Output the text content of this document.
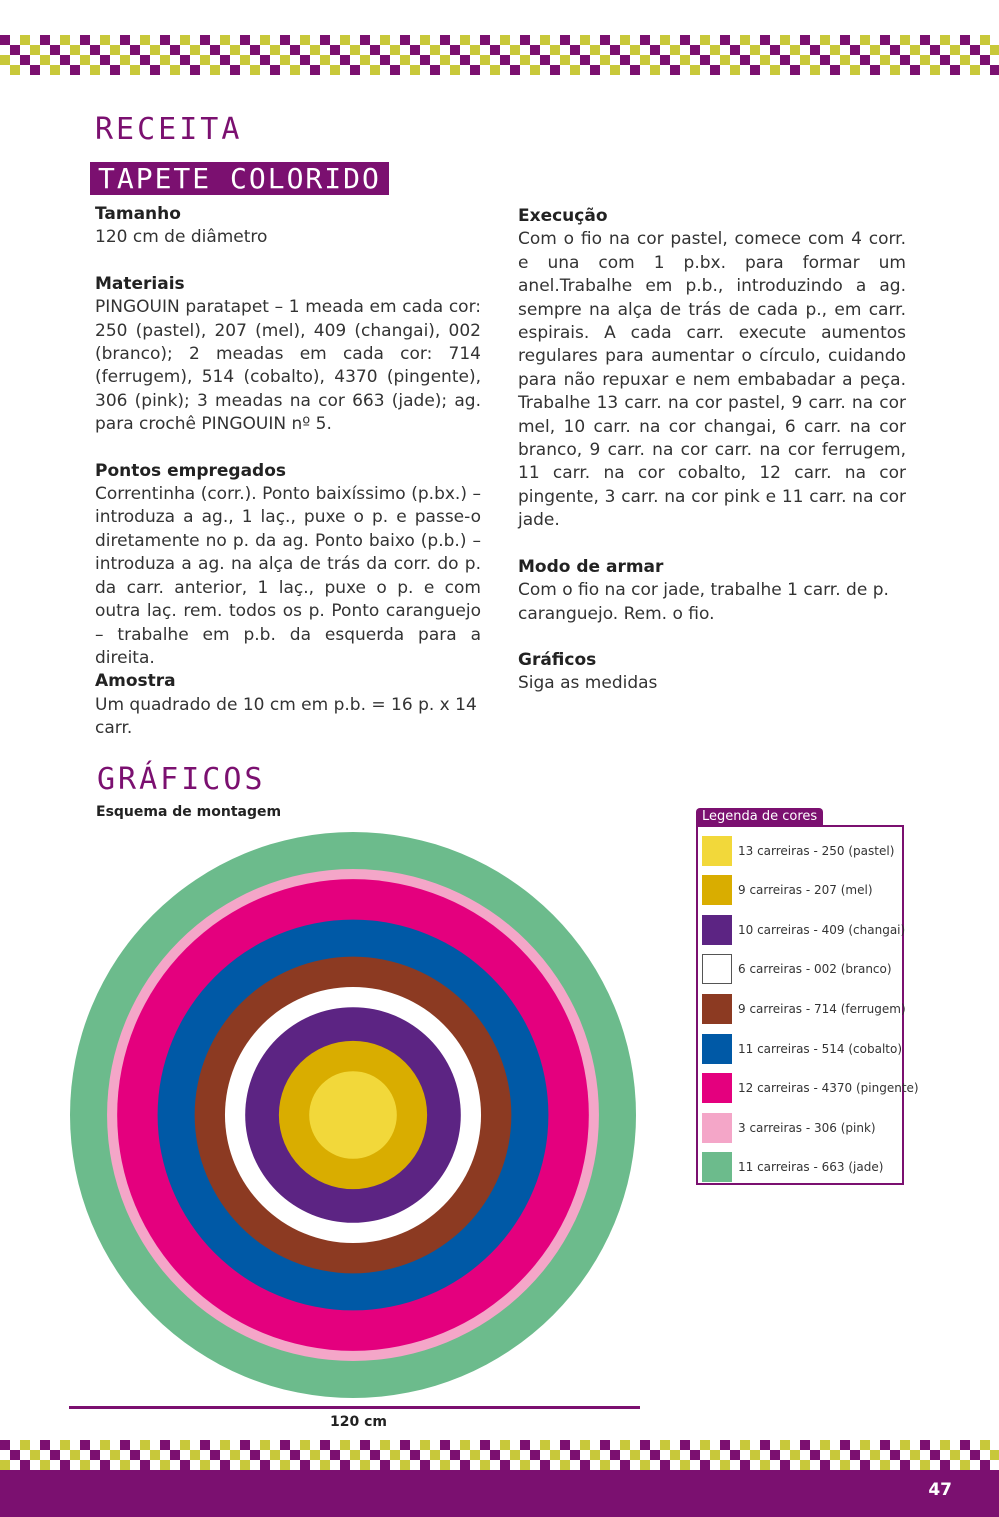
RECEITA
TAPETE COLORIDO
Tamanho

120 cm de diâmetro

Materiais

PINGOUIN paratapet – 1 meada em cada cor: 250 (pastel), 207 (mel), 409 (changai), 002 (branco); 2 meadas em cada cor: 714 (ferrugem), 514 (cobalto), 4370 (pingente), 306 (pink); 3 meadas na cor 663 (jade); ag. para crochê PINGOUIN nº 5.

Pontos empregados

Correntinha (corr.). Ponto baixíssimo (p.bx.) – introduza a ag., 1 laç., puxe o p. e passe-o diretamente no p. da ag. Ponto baixo (p.b.) – introduza a ag. na alça de trás da corr. do p. da carr. anterior, 1 laç., puxe o p. e com outra laç. rem. todos os p. Ponto caranguejo – trabalhe em p.b. da esquerda para a direita.

Amostra

Um quadrado de 10 cm em p.b. = 16 p. x 14 carr.

Execução

Com o fio na cor pastel, comece com 4 corr. e una com 1 p.bx. para formar um anel.Trabalhe em p.b., introduzindo a ag. sempre na alça de trás de cada p., em carr. espirais. A cada carr. execute aumentos regulares para aumentar o círculo, cuidando para não repuxar e nem embabadar a peça. Trabalhe 13 carr. na cor pastel, 9 carr. na cor mel, 10 carr. na cor changai, 6 carr. na cor branco, 9 carr. na cor carr. na cor ferrugem, 11 carr. na cor cobalto, 12 carr. na cor pingente, 3 carr. na cor pink e 11 carr. na cor jade.

Modo de armar

Com o fio na cor jade, trabalhe 1 carr. de p. caranguejo. Rem. o fio.

Gráficos

Siga as medidas

GRÁFICOS
Esquema de montagem
120 cm
Legenda de cores
13 carreiras - 250 (pastel)
9 carreiras - 207 (mel)
10 carreiras - 409 (changai)
6 carreiras - 002 (branco)
9 carreiras - 714 (ferrugem)
11 carreiras - 514 (cobalto)
12 carreiras - 4370 (pingente)
3 carreiras - 306 (pink)
11 carreiras - 663 (jade)
47
